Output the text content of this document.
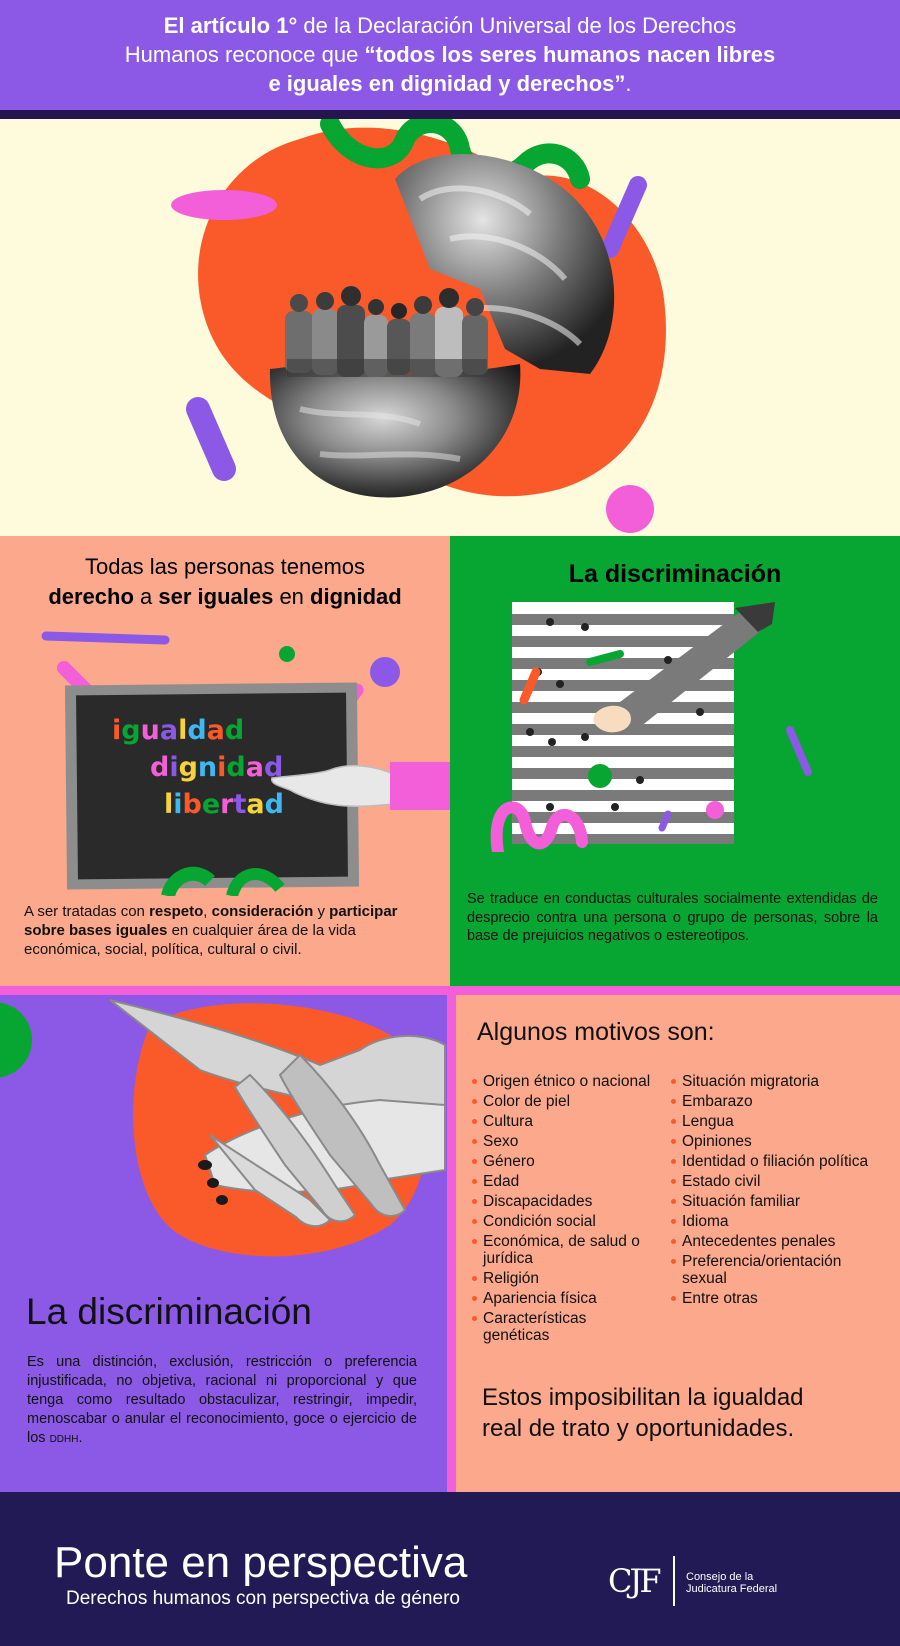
El artículo 1° de la Declaración Universal de los Derechos
Humanos reconoce que “todos los seres humanos nacen libres
e iguales en dignidad y derechos”.
Todas las personas tenemos
derecho a ser iguales en dignidad
A ser tratadas con respeto, consideración y participar
sobre bases iguales en cualquier área de la vida
económica, social, política, cultural o civil.
igualdad
dignidad
libertad
La discriminación
Se traduce en conductas culturales socialmente extendidas de desprecio contra una persona o grupo de personas, sobre la base de prejuicios negativos o estereotipos.
La discriminación
Es una distinción, exclusión, restricción o preferencia injustificada, no objetiva, racional ni proporcional y que tenga como resultado obstaculizar, restringir, impedir, menoscabar o anular el reconocimiento, goce o ejercicio de los DDHH.
Algunos motivos son:
Origen étnico o nacional
Color de piel
Cultura
Sexo
Género
Edad
Discapacidades
Condición social
Económica, de salud o jurídica
Religión
Apariencia física
Características genéticas
Situación migratoria
Embarazo
Lengua
Opiniones
Identidad o filiación política
Estado civil
Situación familiar
Idioma
Antecedentes penales
Preferencia/orientación sexual
Entre otras
Estos imposibilitan la igualdad real de trato y oportunidades.
Ponte en perspectiva
Derechos humanos con perspectiva de género	CJF Consejo de la
Judicatura Federal
